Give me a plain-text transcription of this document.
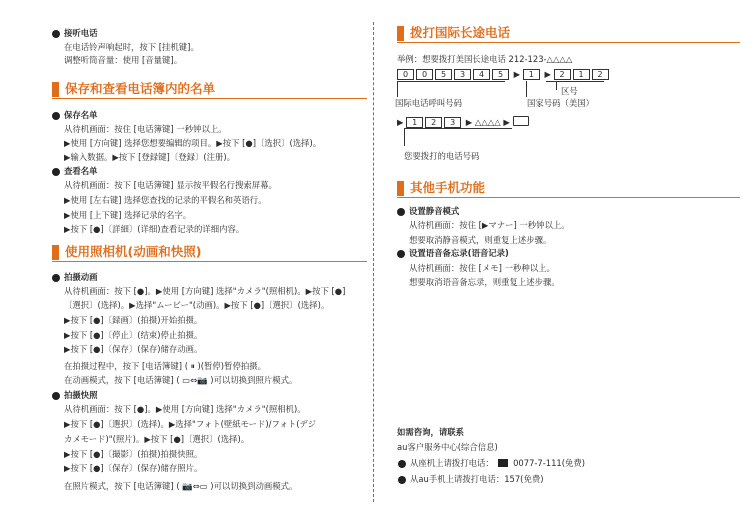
接听电话
在电话铃声响起时，按下 [挂机键]。
调整听筒音量：使用 [音量键]。
保存和查看电话簿内的名单
保存名单
从待机画面：按住 [电话簿键] 一秒钟以上。
▶使用 [方向键] 选择您想要编辑的项目。▶按下 [●]〔选択〕(选择)。
▶输入数据。▶按下 [登録键]〔登録〕(注册)。
查看名单
从待机画面：按下 [电话簿键] 显示按平假名行搜索屏幕。
▶使用 [左右键] 选择您查找的记录的平假名和英语行。
▶使用 [上下键] 选择记录的名字。
▶按下 [●]〔詳細〕(详细)查看记录的详细内容。
使用照相机(动画和快照)
拍摄动画
从待机画面：按下 [●]。▶使用 [方向键] 选择"カメラ"(照相机)。▶按下 [●]
〔選択〕(选择)。▶选择"ムービー"(动画)。▶按下 [●]〔選択〕(选择)。
▶按下 [●]〔録画〕(拍摄)开始拍摄。
▶按下 [●]〔停止〕(结束)停止拍摄。
▶按下 [●]〔保存〕(保存)储存动画。
在拍摄过程中，按下 [电话簿键] ( ⏸ )(暂停)暂停拍摄。
在动画模式，按下 [电话簿键] ( ▭⇔📷 )可以切换到照片模式。
拍摄快照
从待机画面：按下 [●]。▶使用 [方向键] 选择"カメラ"(照相机)。
▶按下 [●]〔選択〕(选择)。▶选择"フォト(壁紙モード)/フォト(デジ
カメモード)"(照片)。▶按下 [●]〔選択〕(选择)。
▶按下 [●]〔撮影〕(拍摄)拍摄快照。
▶按下 [●]〔保存〕(保存)储存照片。
在照片模式，按下 [电话簿键] ( 📷⇔▭ )可以切换到动画模式。
拨打国际长途电话
举例：想要拨打美国长途电话 212-123-△△△△
0 0 5 3 4 5 ▶ 1 ▶ 2 1 2
区号
国际电话呼叫号码	国家号码（美国）
▶ 1 2 3 ▶ △△△△ ▶
您要拨打的电话号码
其他手机功能
设置静音模式
从待机画面：按住 [▶マナー] 一秒钟以上。
想要取消静音模式，则重复上述步骤。
设置语音备忘录(语音记录)
从待机画面：按住 [メモ] 一秒种以上。
想要取消语音备忘录，则重复上述步骤。
如需咨询，请联系
au客户服务中心(综合信息)
从座机上请拨打电话： 0077-7-111(免费)
从au手机上请拨打电话：157(免费)
